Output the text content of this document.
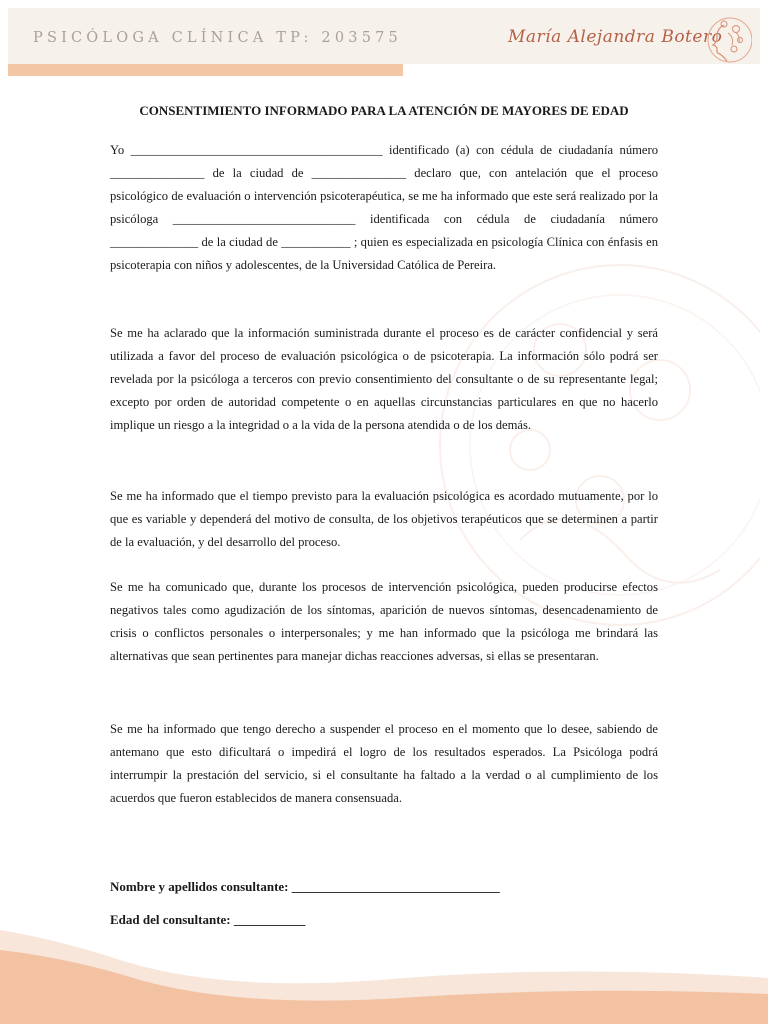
PSICÓLOGA CLÍNICA TP: 203575	María Alejandra Botero
CONSENTIMIENTO INFORMADO PARA LA ATENCIÓN DE MAYORES DE EDAD

Yo ________________________________________ identificado (a) con cédula de ciudadanía número _______________ de la ciudad de _______________ declaro que, con antelación que el proceso psicológico de evaluación o intervención psicoterapéutica, se me ha informado que este será realizado por la psicóloga _____________________________ identificada con cédula de ciudadanía número ______________ de la ciudad de ___________ ; quien es especializada en psicología Clínica con énfasis en psicoterapia con niños y adolescentes, de la Universidad Católica de Pereira.

Se me ha aclarado que la información suministrada durante el proceso es de carácter confidencial y será utilizada a favor del proceso de evaluación psicológica o de psicoterapia. La información sólo podrá ser revelada por la psicóloga a terceros con previo consentimiento del consultante o de su representante legal; excepto por orden de autoridad competente o en aquellas circunstancias particulares en que no hacerlo implique un riesgo a la integridad o a la vida de la persona atendida o de los demás.

Se me ha informado que el tiempo previsto para la evaluación psicológica es acordado mutuamente, por lo que es variable y dependerá del motivo de consulta, de los objetivos terapéuticos que se determinen a partir de la evaluación, y del desarrollo del proceso.

Se me ha comunicado que, durante los procesos de intervención psicológica, pueden producirse efectos negativos tales como agudización de los síntomas, aparición de nuevos síntomas, desencadenamiento de crisis o conflictos personales o interpersonales; y me han informado que la psicóloga me brindará las alternativas que sean pertinentes para manejar dichas reacciones adversas, si ellas se presentaran.

Se me ha informado que tengo derecho a suspender el proceso en el momento que lo desee, sabiendo de antemano que esto dificultará o impedirá el logro de los resultados esperados. La Psicóloga podrá interrumpir la prestación del servicio, si el consultante ha faltado a la verdad o al cumplimiento de los acuerdos que fueron establecidos de manera consensuada.

Nombre y apellidos consultante: ________________________________
Edad del consultante: ___________
